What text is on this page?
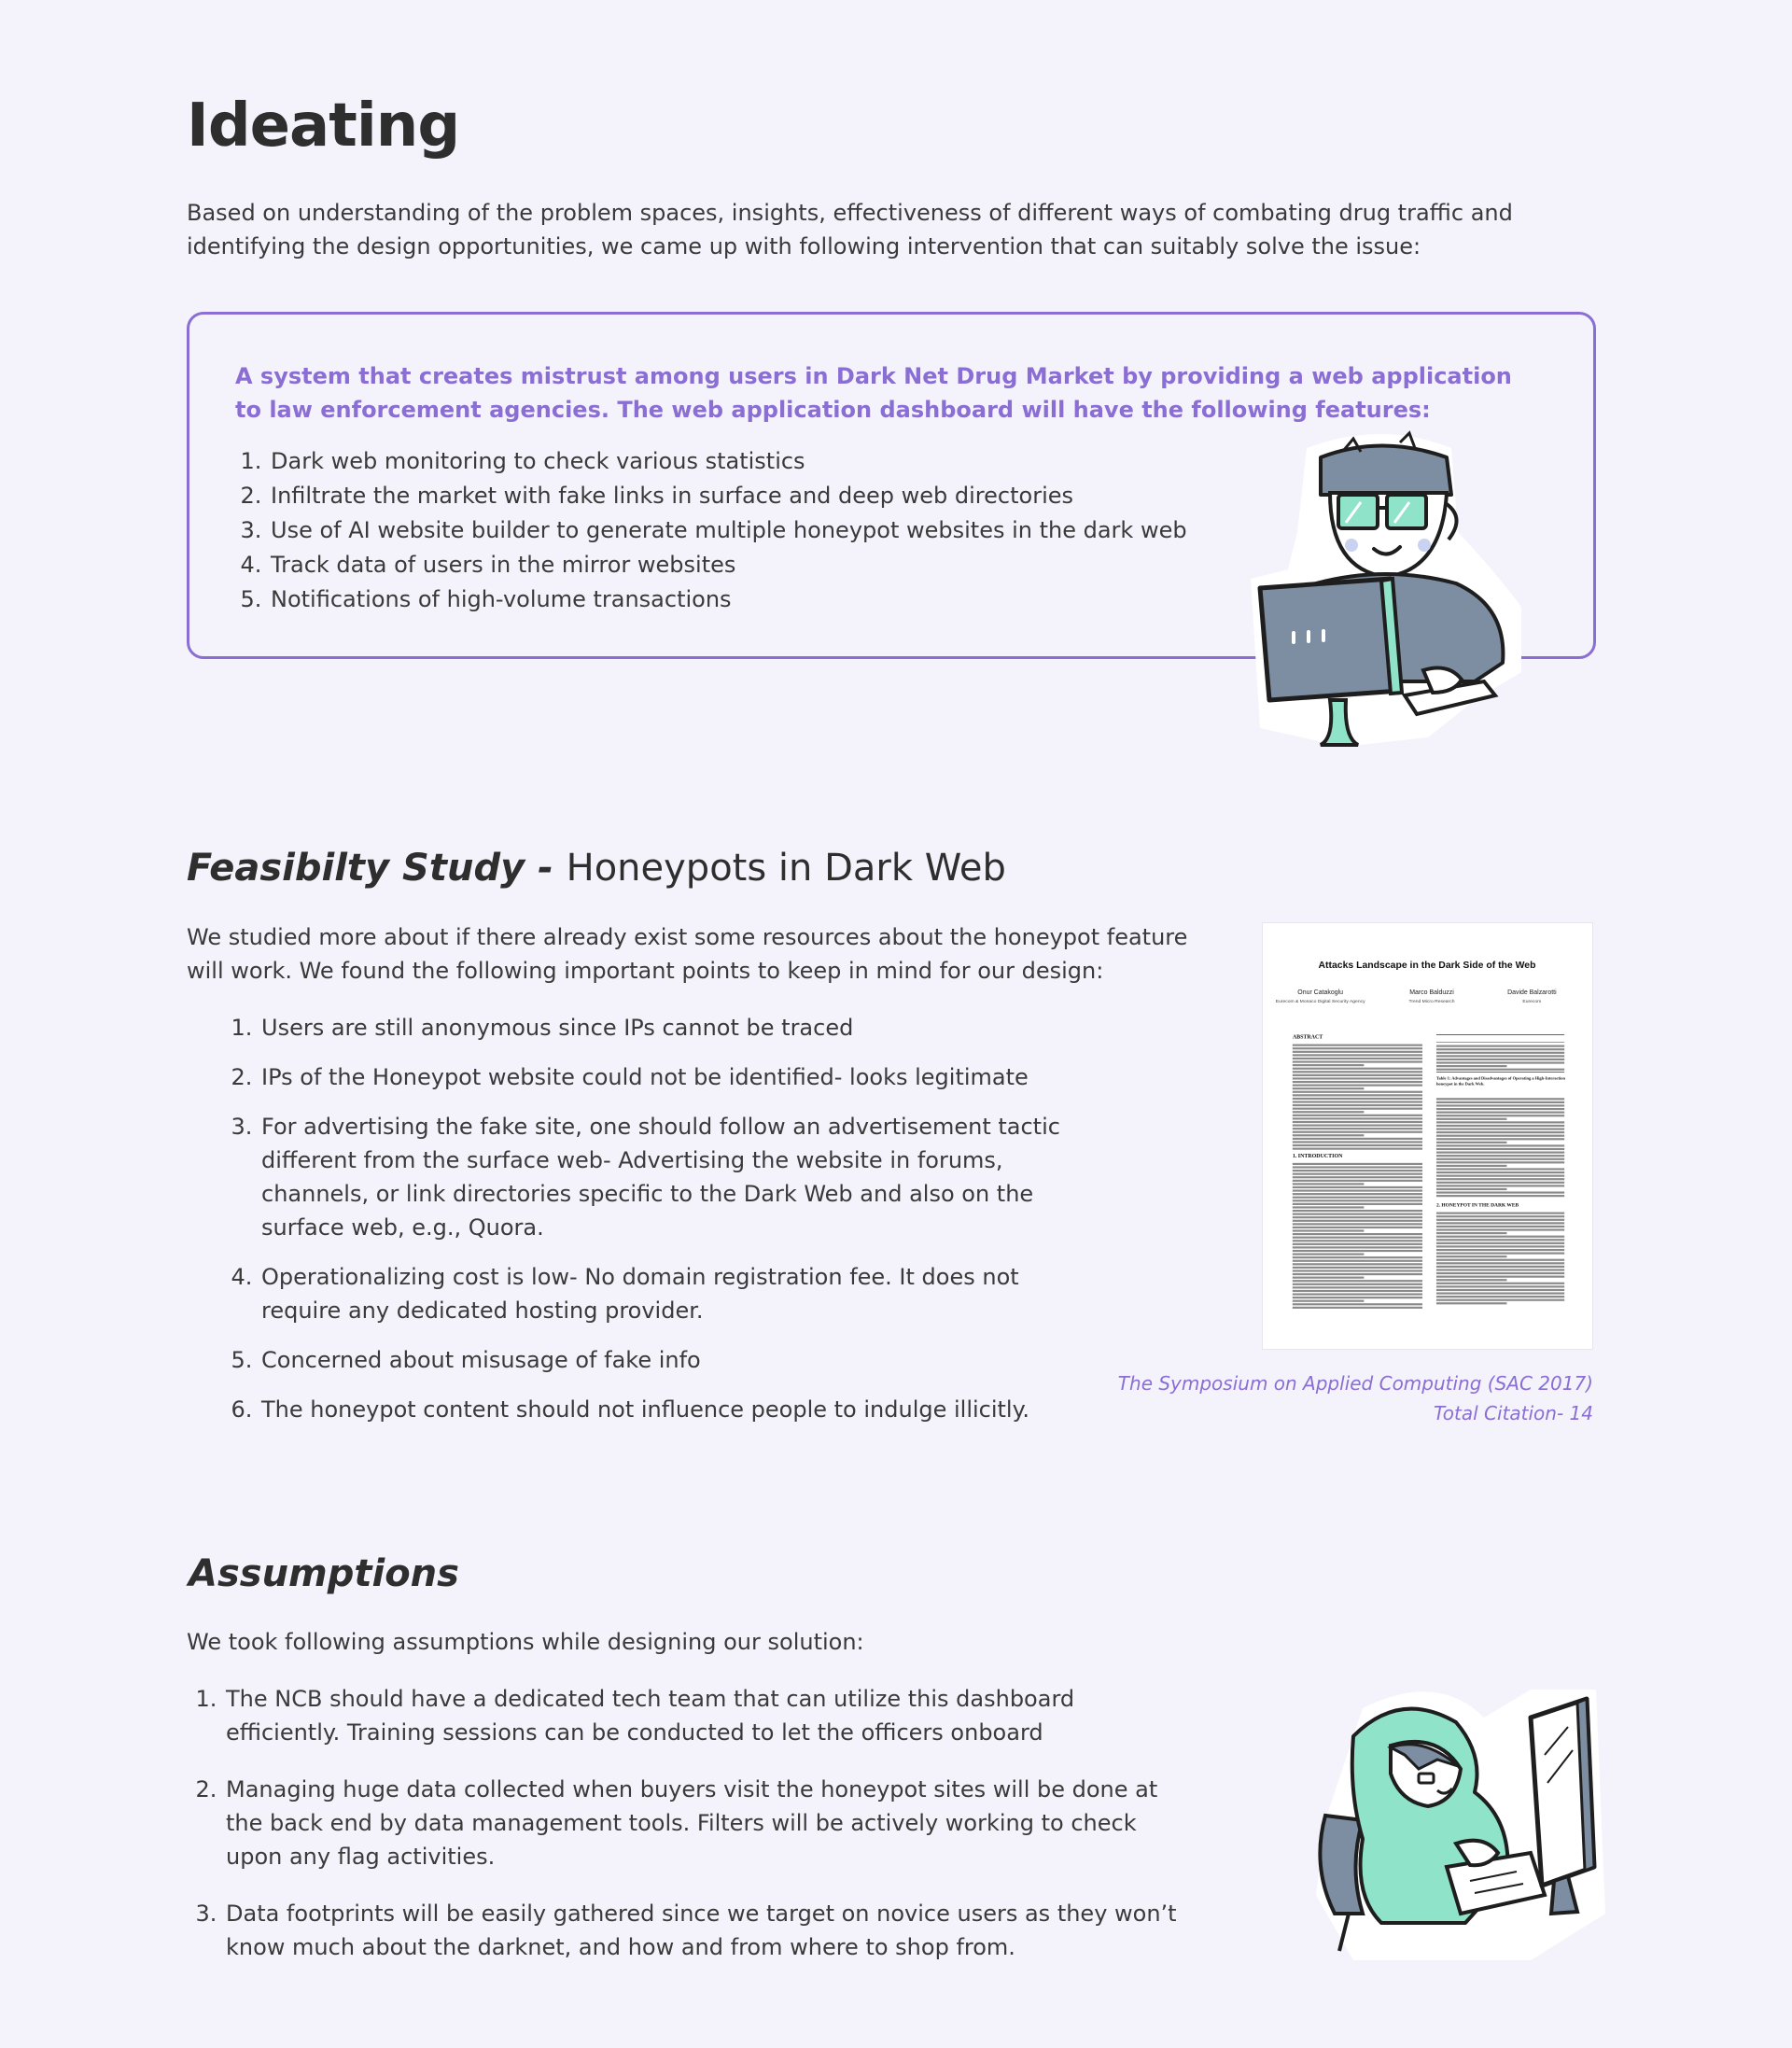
Ideating

Based on understanding of the problem spaces, insights, effectiveness of different ways of combating drug traffic and identifying the design opportunities, we came up with following intervention that can suitably solve the issue:

A system that creates mistrust among users in Dark Net Drug Market by providing a web application to law enforcement agencies. The web application dashboard will have the following features:

1. Dark web monitoring to check various statistics
2. Infiltrate the market with fake links in surface and deep web directories
3. Use of AI website builder to generate multiple honeypot websites in the dark web
4. Track data of users in the mirror websites
5. Notifications of high-volume transactions
Feasibilty Study - Honeypots in Dark Web

We studied more about if there already exist some resources about the honeypot feature will work. We found the following important points to keep in mind for our design:

1. Users are still anonymous since IPs cannot be traced
2. IPs of the Honeypot website could not be identified- looks legitimate
3. For advertising the fake site, one should follow an advertisement tactic different from the surface web- Advertising the website in forums, channels, or link directories specific to the Dark Web and also on the surface web, e.g., Quora.
4. Operationalizing cost is low- No domain registration fee. It does not require any dedicated hosting provider.
5. Concerned about misusage of fake info
6. The honeypot content should not influence people to indulge illicitly.
Attacks Landscape in the Dark Side of the Web
Onur Catakoglu
Eurecom & Monaco Digital Security Agency
Marco Balduzzi
Trend Micro Research
Davide Balzarotti
Eurecom
ABSTRACT
1. INTRODUCTION
2. HONEYPOT IN THE DARK WEB
Table 1: Advantages and Disadvantages of Operating a High-Interaction honeypot in the Dark Web.
The Symposium on Applied Computing (SAC 2017)
Total Citation- 14
Assumptions

We took following assumptions while designing our solution:

1. The NCB should have a dedicated tech team that can utilize this dashboard efficiently. Training sessions can be conducted to let the officers onboard
2. Managing huge data collected when buyers visit the honeypot sites will be done at the back end by data management tools. Filters will be actively working to check upon any flag activities.
3. Data footprints will be easily gathered since we target on novice users as they won’t know much about the darknet, and how and from where to shop from.
